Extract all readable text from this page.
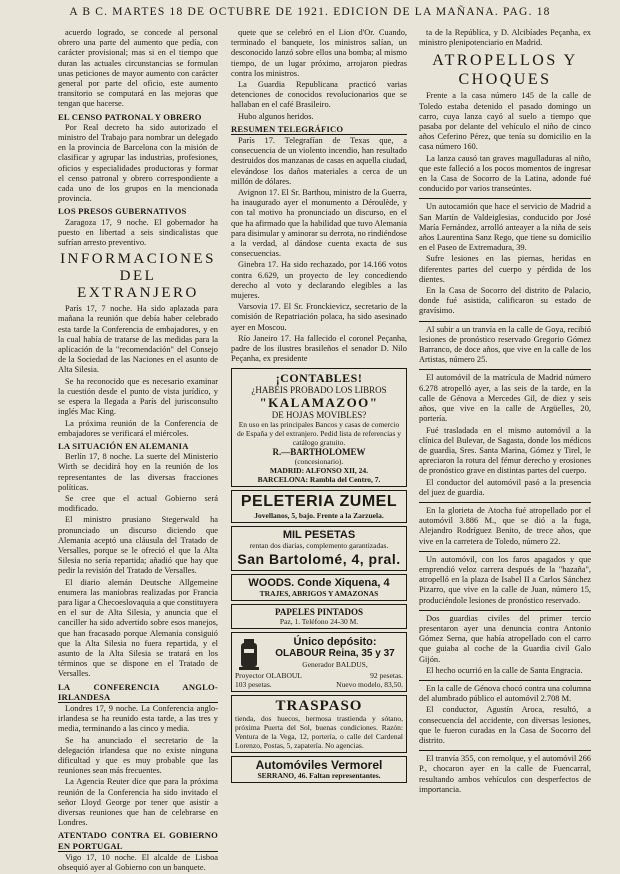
A B C. MARTES 18 DE OCTUBRE DE 1921. EDICION DE LA MAÑANA. PAG. 18

acuerdo logrado, se concede al personal obrero una parte del aumento que pedía, con carácter provisional; mas si en el tiempo que duran las actuales circunstancias se formulan unas peticiones de mayor aumento con carácter general por parte del oficio, este aumento transitorio se computará en las mejoras que tengan que hacerse.

EL CENSO PATRONAL Y OBRERO

Por Real decreto ha sido autorizado el ministro del Trabajo para nombrar un delegado en la provincia de Barcelona con la misión de clasificar y agrupar las industrias, profesiones, oficios y especialidades productoras y formar el censo patronal y obrero correspondiente a cada uno de los grupos en la mencionada provincia.

LOS PRESOS GUBERNATIVOS

Zaragoza 17, 9 noche. El gobernador ha puesto en libertad a seis sindicalistas que sufrían arresto preventivo.

INFORMACIONES DEL EXTRANJERO

París 17, 7 noche. Ha sido aplazada para mañana la reunión que debía haber celebrado esta tarde la Conferencia de embajadores, y en la cual había de tratarse de las medidas para la aplicación de la "recomendación" del Consejo de la Sociedad de las Naciones en el asunto de Alta Silesia.

Se ha reconocido que es necesario examinar la cuestión desde el punto de vista jurídico, y se espera la llegada a París del jurisconsulto inglés Mac King.

La próxima reunión de la Conferencia de embajadores se verificará el miércoles.

LA SITUACIÓN EN ALEMANIA

Berlín 17, 8 noche. La suerte del Ministerio Wirth se decidirá hoy en la reunión de los representantes de las diversas fracciones políticas.

Se cree que el actual Gobierno será modificado.

El ministro prusiano Stegerwald ha pronunciado un discurso diciendo que Alemania aceptó una cláusula del Tratado de Versalles, porque se le ofreció el que la Alta Silesia no sería repartida; añadió que hay que pedir la revisión del Tratado de Versalles.

El diario alemán Deutsche Allgemeine enumera las maniobras realizadas por Francia para ligar a Checoeslovaquia a que constituyera en el sur de Alta Silesia, y anuncia que el canciller ha sido advertido sobre esos manejos, que han fracasado porque Alemania consiguió que la Alta Silesia no fuera repartida, y el asunto de la Alta Silesia se tratará en los términos que se dispone en el Tratado de Versalles.

LA CONFERENCIA ANGLO-IRLANDESA

Londres 17, 9 noche. La Conferencia anglo-irlandesa se ha reunido esta tarde, a las tres y media, terminando a las cinco y media.

Se ha anunciado el secretario de la delegación irlandesa que no existe ninguna dificultad y que es muy probable que las reuniones sean más frecuentes.

La Agencia Reuter dice que para la próxima reunión de la Conferencia ha sido invitado el señor Lloyd George por tener que asistir a diversas reuniones que han de celebrarse en Londres.

ATENTADO CONTRA EL GOBIERNO EN PORTUGAL

Vigo 17, 10 noche. El alcalde de Lisboa obsequió ayer al Gobierno con un banquete.

quete que se celebró en el Lion d'Or. Cuando, terminado el banquete, los ministros salían, un desconocido lanzó sobre ellos una bomba; al mismo tiempo, de un lugar próximo, arrojaron piedras contra los ministros.

La Guardia Republicana practicó varias detenciones de conocidos revolucionarios que se hallaban en el café Brasileiro.

Hubo algunos heridos.

RESUMEN TELEGRÁFICO

París 17. Telegrafían de Texas que, a consecuencia de un violento incendio, han resultado destruidos dos manzanas de casas en aquella ciudad, elevándose los daños materiales a cerca de un millón de dólares.

Avignon 17. El Sr. Barthou, ministro de la Guerra, ha inaugurado ayer el monumento a Déroulède, y con tal motivo ha pronunciado un discurso, en el que ha afirmado que la habilidad que tuvo Alemania para disimular y aminorar su derrota, no rindiéndose a la verdad, al dándose cuenta exacta de sus consecuencias.

Ginebra 17. Ha sido rechazado, por 14.166 votos contra 6.629, un proyecto de ley concediendo derecho al voto y declarando elegibles a las mujeres.

Varsovia 17. El Sr. Fronckievicz, secretario de la comisión de Repatriación polaca, ha sido asesinado ayer en Moscou.

Río Janeiro 17. Ha fallecido el coronel Peçanha, padre de los ilustres brasileños el senador D. Nilo Peçanha, ex presidente

¡CONTABLES!
¿HABÉIS PROBADO LOS LIBROS
"KALAMAZOO"
DE HOJAS MOVIBLES?
En uso en las principales Bancos y casas de comercio de España y del extranjero. Pedid lista de referencias y catálogo gratuito.
R.—BARTHOLOMEW
(concesionario).
MADRID: ALFONSO XII, 24.
BARCELONA: Rambla del Centro, 7.
PELETERIA ZUMEL
Jovellanos, 5, bajo. Frente a la Zarzuela.
MIL PESETAS
rentan dos diarias, complemento garantizadas.
San Bartolomé, 4, pral.
WOODS. Conde Xiquena, 4
TRAJES, ABRIGOS Y AMAZONAS
PAPELES PINTADOS
Paz, 1. Teléfono 24-30 M.
Único depósito:
OLABOUR Reina, 35 y 37
Generador BALDUS,
Proyector OLABOUL	92 pesetas.
103 pesetas.	Nuevo modelo, 83,50.
TRASPASO
tienda, dos huecos, hermosa trastienda y sótano, próxima Puerta del Sol, buenas condiciones. Razón: Ventura de la Vega, 12, portería, o calle del Cardenal Lorenzo, Postas, 5, zapatería. No agencias.
Automóviles Vermorel
SERRANO, 46. Faltan representantes.

ta de la República, y D. Alcibíades Peçanha, ex ministro plenipotenciario en Madrid.

ATROPELLOS Y CHOQUES

Frente a la casa número 145 de la calle de Toledo estaba detenido el pasado domingo un carro, cuya lanza cayó al suelo a tiempo que pasaba por delante del vehículo el niño de cinco años Ceferino Pérez, que tenía su domicilio en la casa número 160.

La lanza causó tan graves magulladuras al niño, que este falleció a los pocos momentos de ingresar en la Casa de Socorro de la Latina, adonde fué conducido por varios transeúntes.

Un autocamión que hace el servicio de Madrid a San Martín de Valdeiglesias, conducido por José María Fernández, arrolló anteayer a la niña de seis años Laurentina Sanz Rego, que tiene su domicilio en el Paseo de Extremadura, 39.

Sufre lesiones en las piernas, heridas en diferentes partes del cuerpo y pérdida de los dientes.

En la Casa de Socorro del distrito de Palacio, donde fué asistida, calificaron su estado de gravísimo.

Al subir a un tranvía en la calle de Goya, recibió lesiones de pronóstico reservado Gregorio Gómez Barranco, de doce años, que vive en la calle de los Artistas, número 25.

El automóvil de la matrícula de Madrid número 6.278 atropelló ayer, a las seis de la tarde, en la calle de Génova a Mercedes Gil, de diez y seis años, que vive en la calle de Argüelles, 20, portería.

Fué trasladada en el mismo automóvil a la clínica del Bulevar, de Sagasta, donde los médicos de guardia, Sres. Santa Marina, Gómez y Tirel, le apreciaron la rotura del fémur derecho y erosiones de pronóstico grave en distintas partes del cuerpo.

El conductor del automóvil pasó a la presencia del juez de guardia.

En la glorieta de Atocha fué atropellado por el automóvil 3.886 M., que se dió a la fuga, Alejandro Rodríguez Benito, de trece años, que vive en la carretera de Toledo, número 22.

Un automóvil, con los faros apagados y que emprendió veloz carrera después de la "hazaña", atropelló en la plaza de Isabel II a Carlos Sánchez Pizarro, que vive en la calle de Juan, número 15, produciéndole lesiones de pronóstico reservado.

Dos guardias civiles del primer tercio presentaron ayer una denuncia contra Antonio Gómez Serna, que había atropellado con el carro que guiaba al coche de la Guardia civil Galo Gijón.

El hecho ocurrió en la calle de Santa Engracia.

En la calle de Génova chocó contra una columna del alumbrado público el automóvil 2.708 M.

El conductor, Agustín Aroca, resultó, a consecuencia del accidente, con diversas lesiones, que le fueron curadas en la Casa de Socorro del distrito.

El tranvía 355, con remolque, y el automóvil 266 P., chocaron ayer en la calle de Fuencarral, resultando ambos vehículos con desperfectos de importancia.
